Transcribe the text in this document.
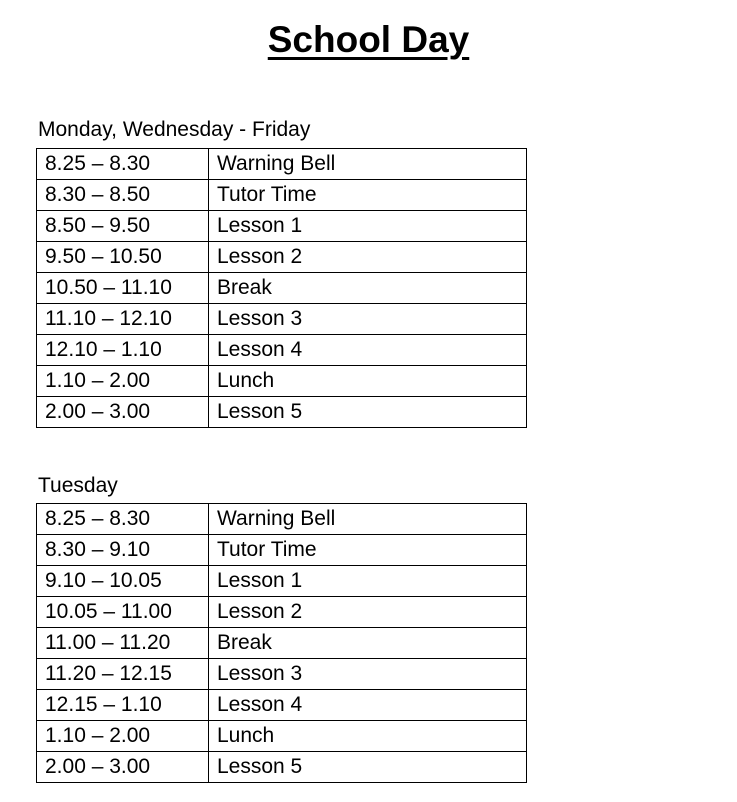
School Day

Monday, Wednesday - Friday

8.25 – 8.30	Warning Bell
8.30 – 8.50	Tutor Time
8.50 – 9.50	Lesson 1
9.50 – 10.50	Lesson 2
10.50 – 11.10	Break
11.10 – 12.10	Lesson 3
12.10 – 1.10	Lesson 4
1.10 – 2.00	Lunch
2.00 – 3.00	Lesson 5

Tuesday

8.25 – 8.30	Warning Bell
8.30 – 9.10	Tutor Time
9.10 – 10.05	Lesson 1
10.05 – 11.00	Lesson 2
11.00 – 11.20	Break
11.20 – 12.15	Lesson 3
12.15 – 1.10	Lesson 4
1.10 – 2.00	Lunch
2.00 – 3.00	Lesson 5
